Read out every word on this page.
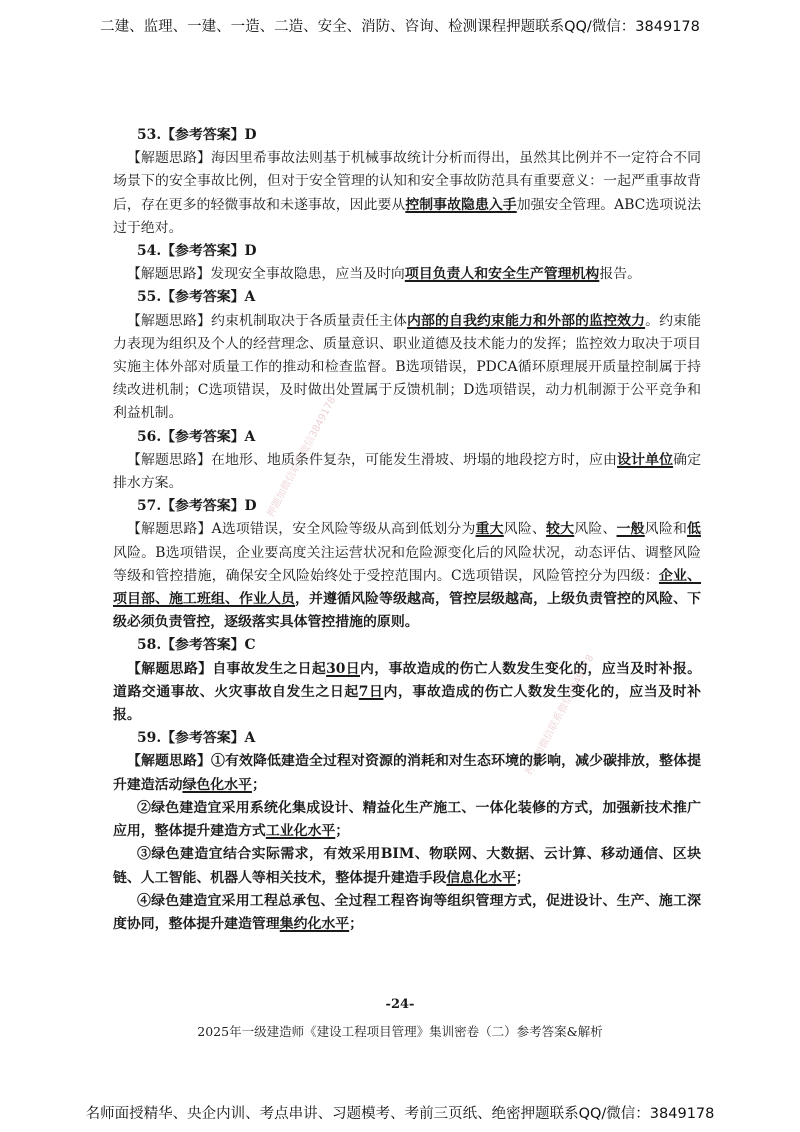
二建、监理、一建、一造、二造、安全、消防、咨询、检测课程押题联系QQ/微信：3849178
押题加微信联系微信3849178
押题加微信联系微信3849178

53.【参考答案】D

【解题思路】海因里希事故法则基于机械事故统计分析而得出，虽然其比例并不一定符合不同场景下的安全事故比例，但对于安全管理的认知和安全事故防范具有重要意义：一起严重事故背后，存在更多的轻微事故和未遂事故，因此要从控制事故隐患入手加强安全管理。ABC选项说法过于绝对。

54.【参考答案】D

【解题思路】发现安全事故隐患，应当及时向项目负责人和安全生产管理机构报告。

55.【参考答案】A

【解题思路】约束机制取决于各质量责任主体内部的自我约束能力和外部的监控效力。约束能力表现为组织及个人的经营理念、质量意识、职业道德及技术能力的发挥；监控效力取决于项目实施主体外部对质量工作的推动和检查监督。B选项错误，PDCA循环原理展开质量控制属于持续改进机制；C选项错误，及时做出处置属于反馈机制；D选项错误，动力机制源于公平竞争和利益机制。

56.【参考答案】A

【解题思路】在地形、地质条件复杂，可能发生滑坡、坍塌的地段挖方时，应由设计单位确定排水方案。

57.【参考答案】D

【解题思路】A选项错误，安全风险等级从高到低划分为重大风险、较大风险、一般风险和低风险。B选项错误，企业要高度关注运营状况和危险源变化后的风险状况，动态评估、调整风险等级和管控措施，确保安全风险始终处于受控范围内。C选项错误，风险管控分为四级：企业、项目部、施工班组、作业人员，并遵循风险等级越高，管控层级越高，上级负责管控的风险、下级必须负责管控，逐级落实具体管控措施的原则。

58.【参考答案】C

【解题思路】自事故发生之日起30日内，事故造成的伤亡人数发生变化的，应当及时补报。道路交通事故、火灾事故自发生之日起7日内，事故造成的伤亡人数发生变化的，应当及时补报。

59.【参考答案】A

【解题思路】①有效降低建造全过程对资源的消耗和对生态环境的影响，减少碳排放，整体提升建造活动绿色化水平；

②绿色建造宜采用系统化集成设计、精益化生产施工、一体化装修的方式，加强新技术推广应用，整体提升建造方式工业化水平；

③绿色建造宜结合实际需求，有效采用BIM、物联网、大数据、云计算、移动通信、区块链、人工智能、机器人等相关技术，整体提升建造手段信息化水平；

④绿色建造宜采用工程总承包、全过程工程咨询等组织管理方式，促进设计、生产、施工深度协同，整体提升建造管理集约化水平；

-24-
2025年一级建造师《建设工程项目管理》集训密卷（二）参考答案&解析
名师面授精华、央企内训、考点串讲、习题模考、考前三页纸、绝密押题联系QQ/微信：3849178
